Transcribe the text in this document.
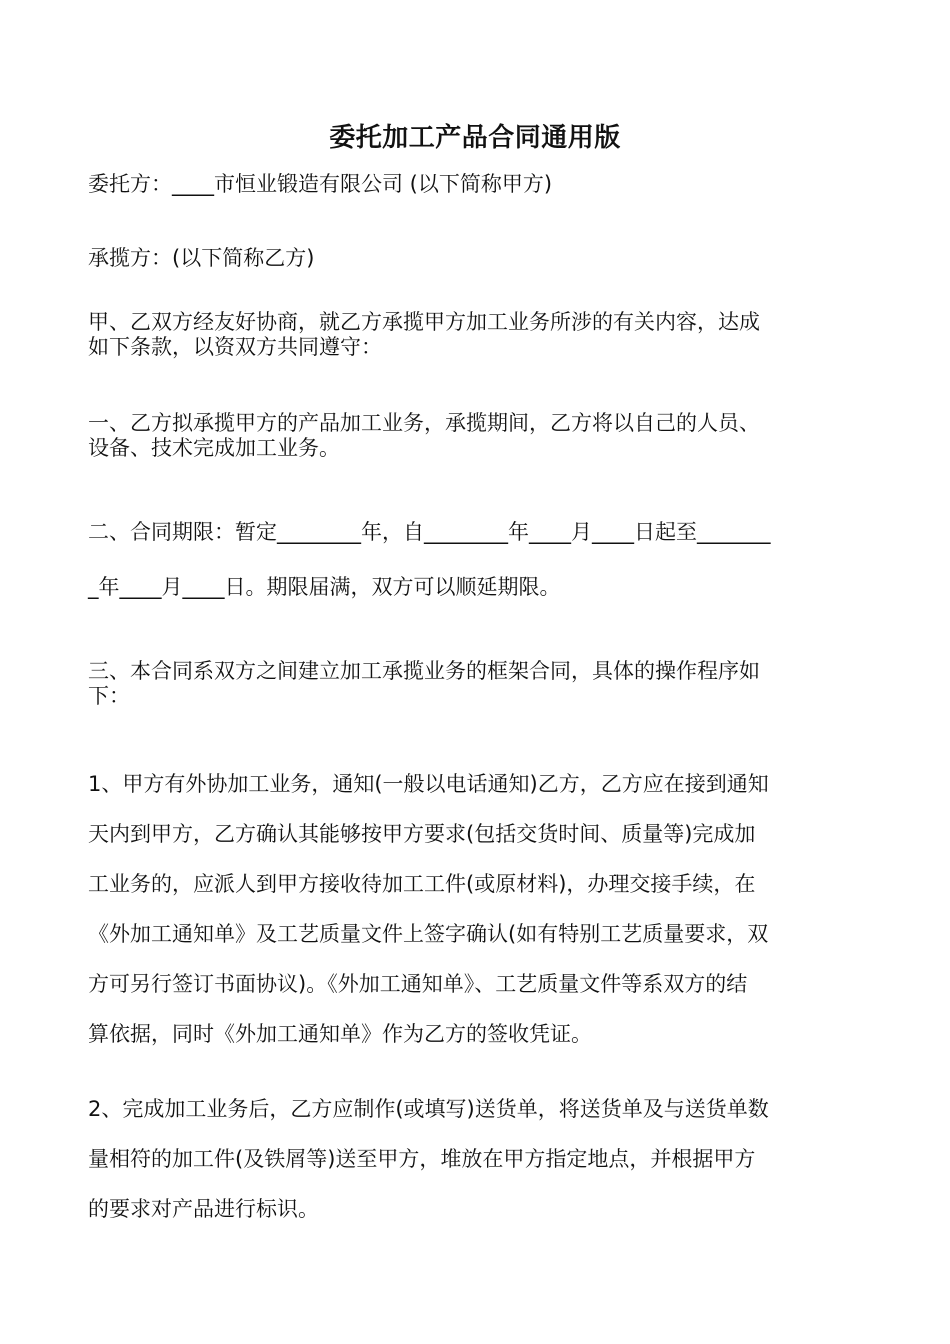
委托加工产品合同通用版

委托方：____市恒业锻造有限公司 (以下简称甲方)

承揽方：(以下简称乙方)

甲、乙双方经友好协商，就乙方承揽甲方加工业务所涉的有关内容，达成
如下条款，以资双方共同遵守：

一、乙方拟承揽甲方的产品加工业务，承揽期间，乙方将以自己的人员、
设备、技术完成加工业务。

二、合同期限：暂定________年，自________年____月____日起至_______
_年____月____日。期限届满，双方可以顺延期限。

三、本合同系双方之间建立加工承揽业务的框架合同，具体的操作程序如
下：

1、甲方有外协加工业务，通知(一般以电话通知)乙方，乙方应在接到通知
天内到甲方，乙方确认其能够按甲方要求(包括交货时间、质量等)完成加
工业务的，应派人到甲方接收待加工工件(或原材料)，办理交接手续，在
《外加工通知单》及工艺质量文件上签字确认(如有特别工艺质量要求，双
方可另行签订书面协议)。《外加工通知单》、工艺质量文件等系双方的结
算依据，同时《外加工通知单》作为乙方的签收凭证。

2、完成加工业务后，乙方应制作(或填写)送货单，将送货单及与送货单数
量相符的加工件(及铁屑等)送至甲方，堆放在甲方指定地点，并根据甲方
的要求对产品进行标识。
